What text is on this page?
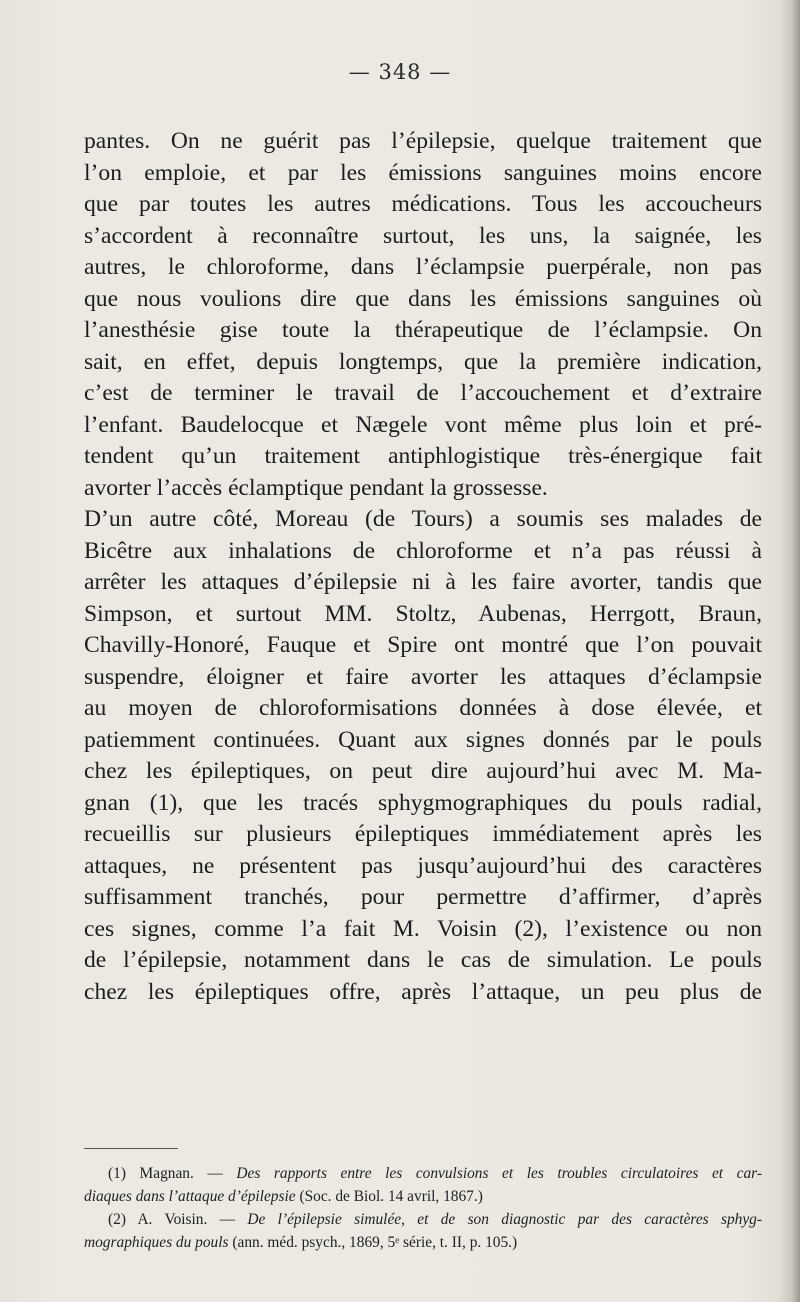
— 348 —
pantes. On ne guérit pas l’épilepsie, quelque traitement que
l’on emploie, et par les émissions sanguines moins encore
que par toutes les autres médications. Tous les accoucheurs
s’accordent à reconnaître surtout, les uns, la saignée, les
autres, le chloroforme, dans l’éclampsie puerpérale, non pas
que nous voulions dire que dans les émissions sanguines où
l’anesthésie gise toute la thérapeutique de l’éclampsie. On
sait, en effet, depuis longtemps, que la première indication,
c’est de terminer le travail de l’accouchement et d’extraire
l’enfant. Baudelocque et Nægele vont même plus loin et pré-
tendent qu’un traitement antiphlogistique très-énergique fait
avorter l’accès éclamptique pendant la grossesse.
D’un autre côté, Moreau (de Tours) a soumis ses malades de
Bicêtre aux inhalations de chloroforme et n’a pas réussi à
arrêter les attaques d’épilepsie ni à les faire avorter, tandis que
Simpson, et surtout MM. Stoltz, Aubenas, Herrgott, Braun,
Chavilly-Honoré, Fauque et Spire ont montré que l’on pouvait
suspendre, éloigner et faire avorter les attaques d’éclampsie
au moyen de chloroformisations données à dose élevée, et
patiemment continuées. Quant aux signes donnés par le pouls
chez les épileptiques, on peut dire aujourd’hui avec M. Ma-
gnan (1), que les tracés sphygmographiques du pouls radial,
recueillis sur plusieurs épileptiques immédiatement après les
attaques, ne présentent pas jusqu’aujourd’hui des caractères
suffisamment tranchés, pour permettre d’affirmer, d’après
ces signes, comme l’a fait M. Voisin (2), l’existence ou non
de l’épilepsie, notamment dans le cas de simulation. Le pouls
chez les épileptiques offre, après l’attaque, un peu plus de
(1) Magnan. — Des rapports entre les convulsions et les troubles circulatoires et car-
diaques dans l’attaque d’épilepsie (Soc. de Biol. 14 avril, 1867.)
(2) A. Voisin. — De l’épilepsie simulée, et de son diagnostic par des caractères sphyg-
mographiques du pouls (ann. méd. psych., 1869, 5ᵉ série, t. II, p. 105.)
